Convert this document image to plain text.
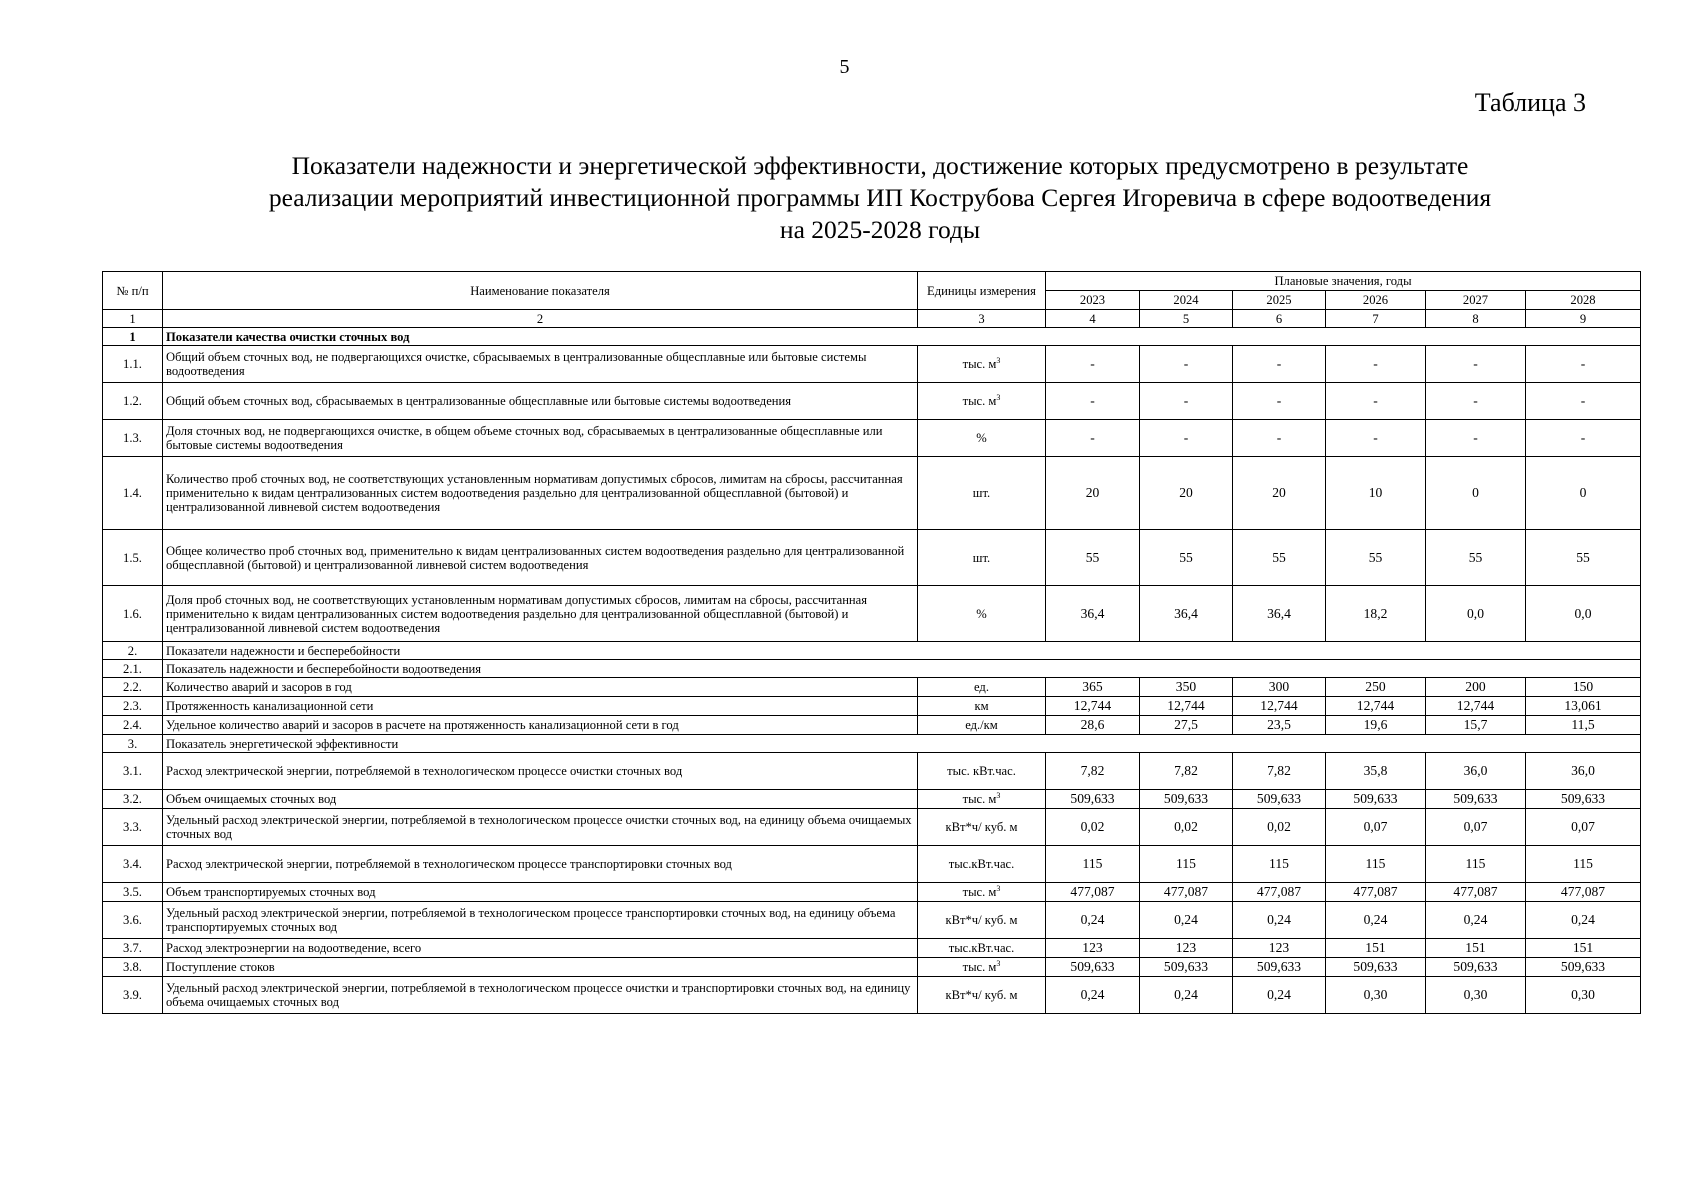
5
Таблица 3
Показатели надежности и энергетической эффективности, достижение которых предусмотрено в результате
реализации мероприятий инвестиционной программы ИП Кострубова Сергея Игоревича в сфере водоотведения
на 2025-2028 годы
№ п/п	Наименование показателя	Единицы измерения	Плановые значения, годы					
			2023	2024	2025	2026	2027	2028
1	2	3	4	5	6	7	8	9
1	Показатели качества очистки сточных вод							
1.1.	Общий объем сточных вод, не подвергающихся очистке, сбрасываемых в централизованные общесплавные или бытовые системы водоотведения	тыс. $м^3$	-	-	-	-	-	-
1.2.	Общий объем сточных вод, сбрасываемых в централизованные общесплавные или бытовые системы водоотведения	тыс. $м^3$	-	-	-	-	-	-
1.3.	Доля сточных вод, не подвергающихся очистке, в общем объеме сточных вод, сбрасываемых в централизованные общесплавные или бытовые системы водоотведения	%	-	-	-	-	-	-
1.4.	Количество проб сточных вод, не соответствующих установленным нормативам допустимых сбросов, лимитам на сбросы, рассчитанная применительно к видам централизованных систем водоотведения раздельно для централизованной общесплавной (бытовой) и централизованной ливневой систем водоотведения	шт.	20	20	20	10	0	0
1.5.	Общее количество проб сточных вод, применительно к видам централизованных систем водоотведения раздельно для централизованной общесплавной (бытовой) и централизованной ливневой систем водоотведения	шт.	55	55	55	55	55	55
1.6.	Доля проб сточных вод, не соответствующих установленным нормативам допустимых сбросов, лимитам на сбросы, рассчитанная применительно к видам централизованных систем водоотведения раздельно для централизованной общесплавной (бытовой) и централизованной ливневой систем водоотведения	%	36,4	36,4	36,4	18,2	0,0	0,0
2.	Показатели надежности и бесперебойности							
2.1.	Показатель надежности и бесперебойности водоотведения							
2.2.	Количество аварий и засоров в год	ед.	365	350	300	250	200	150
2.3.	Протяженность канализационной сети	км	12,744	12,744	12,744	12,744	12,744	13,061
2.4.	Удельное количество аварий и засоров в расчете на протяженность канализационной сети в год	ед./км	28,6	27,5	23,5	19,6	15,7	11,5
3.	Показатель энергетической эффективности							
3.1.	Расход электрической энергии, потребляемой в технологическом процессе очистки сточных вод	тыс. кВт.час.	7,82	7,82	7,82	35,8	36,0	36,0
3.2.	Объем очищаемых сточных вод	тыс. $м^3$	509,633	509,633	509,633	509,633	509,633	509,633
3.3.	Удельный расход электрической энергии, потребляемой в технологическом процессе очистки сточных вод, на единицу объема очищаемых сточных вод	кВт*ч/ куб. м	0,02	0,02	0,02	0,07	0,07	0,07
3.4.	Расход электрической энергии, потребляемой в технологическом процессе транспортировки сточных вод	тыс.кВт.час.	115	115	115	115	115	115
3.5.	Объем транспортируемых сточных вод	тыс. $м^3$	477,087	477,087	477,087	477,087	477,087	477,087
3.6.	Удельный расход электрической энергии, потребляемой в технологическом процессе транспортировки сточных вод, на единицу объема транспортируемых сточных вод	кВт*ч/ куб. м	0,24	0,24	0,24	0,24	0,24	0,24
3.7.	Расход электроэнергии на водоотведение, всего	тыс.кВт.час.	123	123	123	151	151	151
3.8.	Поступление стоков	тыс. $м^3$	509,633	509,633	509,633	509,633	509,633	509,633
3.9.	Удельный расход электрической энергии, потребляемой в технологическом процессе очистки и транспортировки сточных вод, на единицу объема очищаемых сточных вод	кВт*ч/ куб. м	0,24	0,24	0,24	0,30	0,30	0,30
